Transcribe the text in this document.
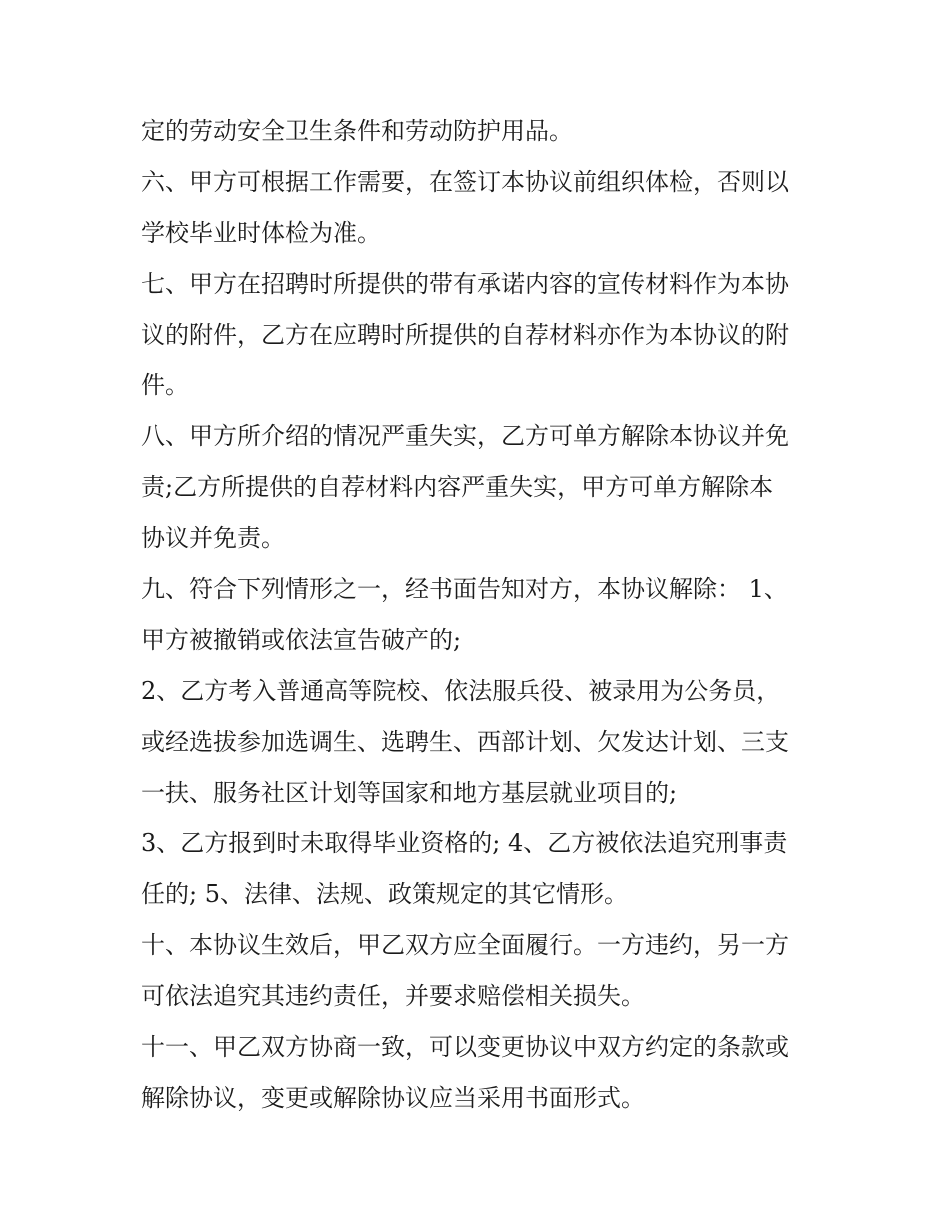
定的劳动安全卫生条件和劳动防护用品。
六、甲方可根据工作需要，在签订本协议前组织体检，否则以
学校毕业时体检为准。
七、甲方在招聘时所提供的带有承诺内容的宣传材料作为本协
议的附件，乙方在应聘时所提供的自荐材料亦作为本协议的附
件。
八、甲方所介绍的情况严重失实，乙方可单方解除本协议并免
责;乙方所提供的自荐材料内容严重失实，甲方可单方解除本
协议并免责。
九、符合下列情形之一，经书面告知对方，本协议解除： 1、
甲方被撤销或依法宣告破产的;
2、乙方考入普通高等院校、依法服兵役、被录用为公务员，
或经选拔参加选调生、选聘生、西部计划、欠发达计划、三支
一扶、服务社区计划等国家和地方基层就业项目的;
3、乙方报到时未取得毕业资格的; 4、乙方被依法追究刑事责
任的; 5、法律、法规、政策规定的其它情形。
十、本协议生效后，甲乙双方应全面履行。一方违约，另一方
可依法追究其违约责任，并要求赔偿相关损失。
十一、甲乙双方协商一致，可以变更协议中双方约定的条款或
解除协议，变更或解除协议应当采用书面形式。
